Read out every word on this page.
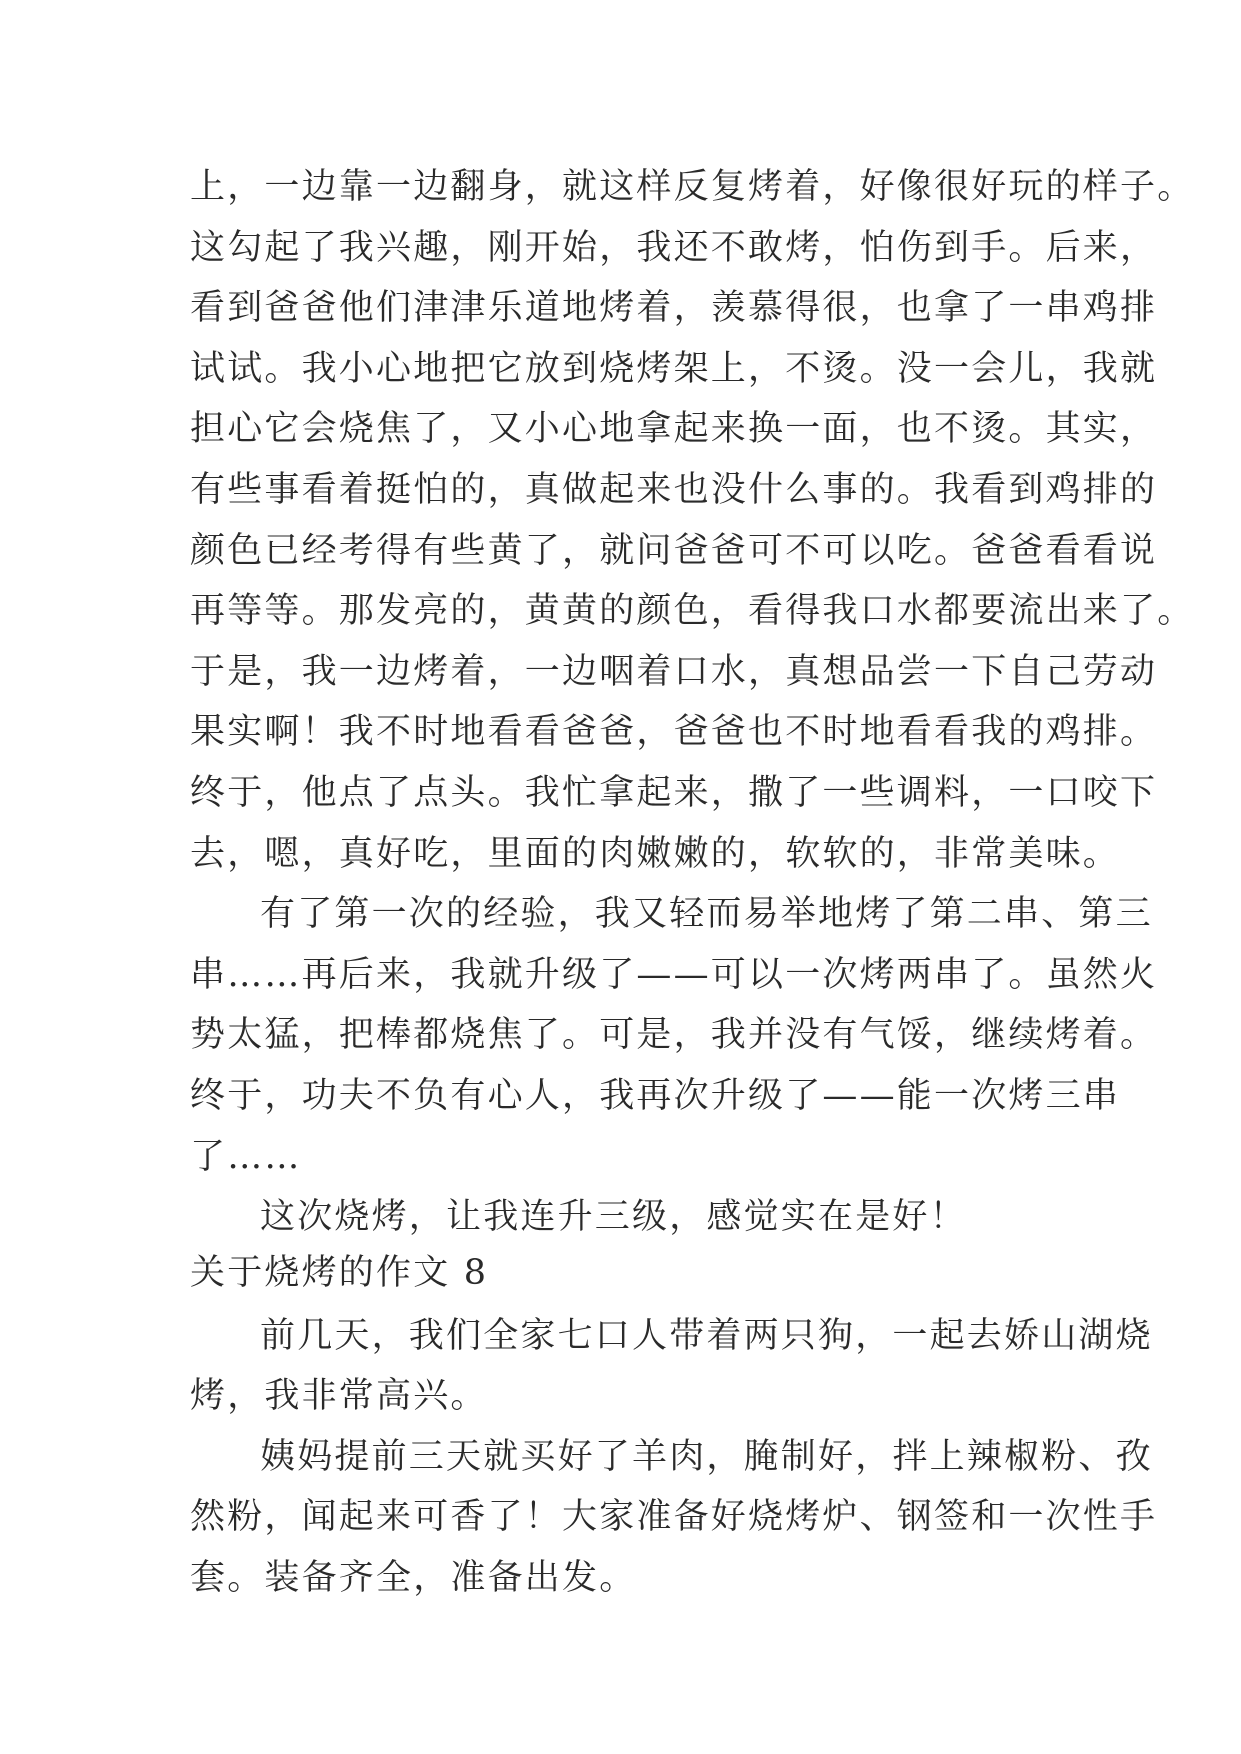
上，一边靠一边翻身，就这样反复烤着，好像很好玩的样子。
这勾起了我兴趣，刚开始，我还不敢烤，怕伤到手。后来，
看到爸爸他们津津乐道地烤着，羡慕得很，也拿了一串鸡排
试试。我小心地把它放到烧烤架上，不烫。没一会儿，我就
担心它会烧焦了，又小心地拿起来换一面，也不烫。其实，
有些事看着挺怕的，真做起来也没什么事的。我看到鸡排的
颜色已经考得有些黄了，就问爸爸可不可以吃。爸爸看看说
再等等。那发亮的，黄黄的颜色，看得我口水都要流出来了。
于是，我一边烤着，一边咽着口水，真想品尝一下自己劳动
果实啊！我不时地看看爸爸，爸爸也不时地看看我的鸡排。
终于，他点了点头。我忙拿起来，撒了一些调料，一口咬下
去，嗯，真好吃，里面的肉嫩嫩的，软软的，非常美味。
有了第一次的经验，我又轻而易举地烤了第二串、第三
串……再后来，我就升级了——可以一次烤两串了。虽然火
势太猛，把棒都烧焦了。可是，我并没有气馁，继续烤着。
终于，功夫不负有心人，我再次升级了——能一次烤三串
了……
这次烧烤，让我连升三级，感觉实在是好！
关于烧烤的作文 8
前几天，我们全家七口人带着两只狗，一起去娇山湖烧
烤，我非常高兴。
姨妈提前三天就买好了羊肉，腌制好，拌上辣椒粉、孜
然粉，闻起来可香了！大家准备好烧烤炉、钢签和一次性手
套。装备齐全，准备出发。
